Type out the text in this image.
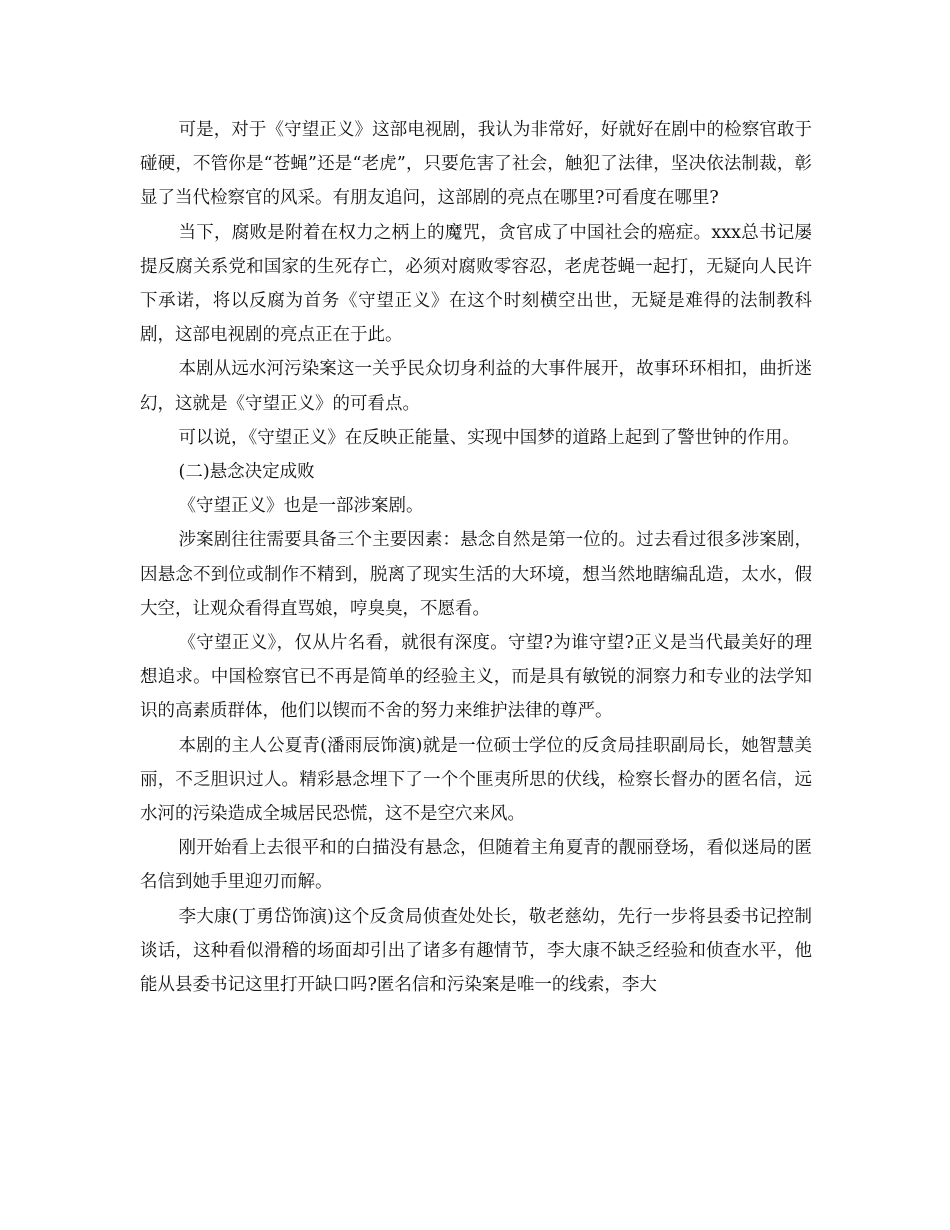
可是，对于《守望正义》这部电视剧，我认为非常好，好就好在剧中的检察官敢于碰硬，不管你是“苍蝇”还是“老虎”，只要危害了社会，触犯了法律，坚决依法制裁，彰显了当代检察官的风采。有朋友追问，这部剧的亮点在哪里?可看度在哪里?

当下，腐败是附着在权力之柄上的魔咒，贪官成了中国社会的癌症。xxx总书记屡提反腐关系党和国家的生死存亡，必须对腐败零容忍，老虎苍蝇一起打，无疑向人民许下承诺，将以反腐为首务《守望正义》在这个时刻横空出世，无疑是难得的法制教科剧，这部电视剧的亮点正在于此。

本剧从远水河污染案这一关乎民众切身利益的大事件展开，故事环环相扣，曲折迷幻，这就是《守望正义》的可看点。

可以说，《守望正义》在反映正能量、实现中国梦的道路上起到了警世钟的作用。

(二)悬念决定成败

《守望正义》也是一部涉案剧。

涉案剧往往需要具备三个主要因素：悬念自然是第一位的。过去看过很多涉案剧，因悬念不到位或制作不精到，脱离了现实生活的大环境，想当然地瞎编乱造，太水，假大空，让观众看得直骂娘，哼臭臭，不愿看。

《守望正义》，仅从片名看，就很有深度。守望?为谁守望?正义是当代最美好的理想追求。中国检察官已不再是简单的经验主义，而是具有敏锐的洞察力和专业的法学知识的高素质群体，他们以锲而不舍的努力来维护法律的尊严。

本剧的主人公夏青(潘雨辰饰演)就是一位硕士学位的反贪局挂职副局长，她智慧美丽，不乏胆识过人。精彩悬念埋下了一个个匪夷所思的伏线，检察长督办的匿名信，远水河的污染造成全城居民恐慌，这不是空穴来风。

刚开始看上去很平和的白描没有悬念，但随着主角夏青的靓丽登场，看似迷局的匿名信到她手里迎刃而解。

李大康(丁勇岱饰演)这个反贪局侦查处处长，敬老慈幼，先行一步将县委书记控制谈话，这种看似滑稽的场面却引出了诸多有趣情节，李大康不缺乏经验和侦查水平，他能从县委书记这里打开缺口吗?匿名信和污染案是唯一的线索，李大
